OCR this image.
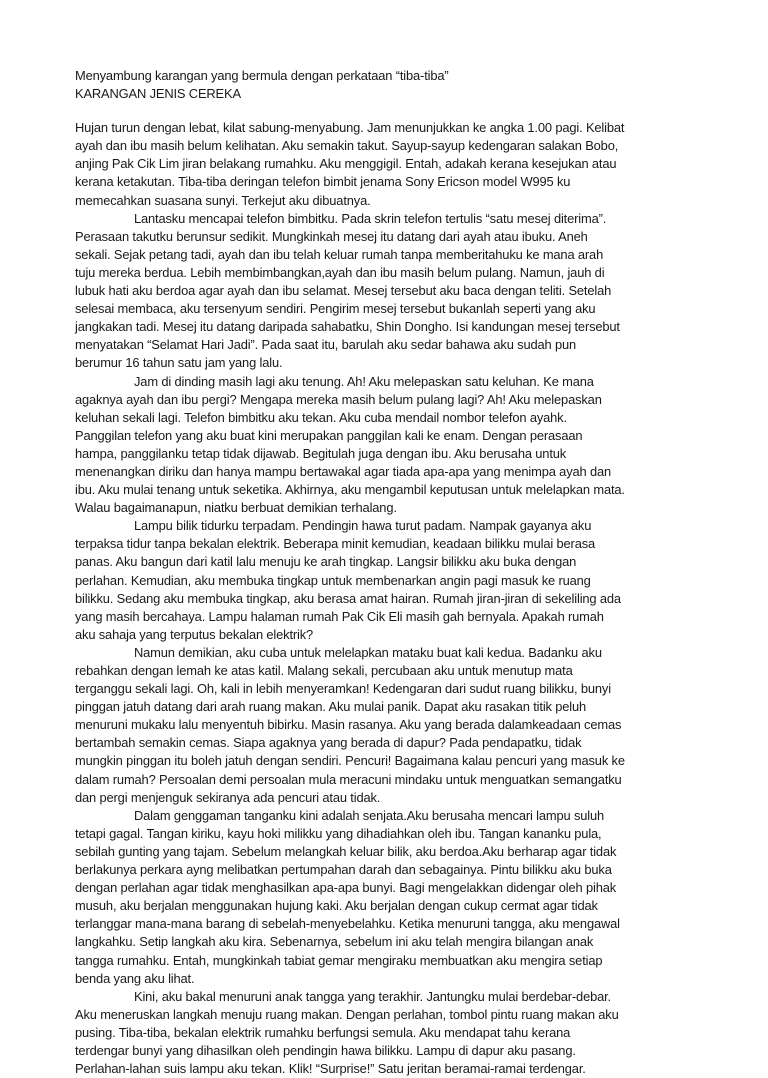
Menyambung karangan yang bermula dengan perkataan “tiba-tiba”
KARANGAN JENIS CEREKA
Hujan turun dengan lebat, kilat sabung-menyabung. Jam menunjukkan ke angka 1.00 pagi. Kelibat
ayah dan ibu masih belum kelihatan. Aku semakin takut. Sayup-sayup kedengaran salakan Bobo,
anjing Pak Cik Lim jiran belakang rumahku. Aku menggigil. Entah, adakah kerana kesejukan atau
kerana ketakutan. Tiba-tiba deringan telefon bimbit jenama Sony Ericson model W995 ku
memecahkan suasana sunyi. Terkejut aku dibuatnya.
Lantasku mencapai telefon bimbitku. Pada skrin telefon tertulis “satu mesej diterima”.
Perasaan takutku berunsur sedikit. Mungkinkah mesej itu datang dari ayah atau ibuku. Aneh
sekali. Sejak petang tadi, ayah dan ibu telah keluar rumah tanpa memberitahuku ke mana arah
tuju mereka berdua. Lebih membimbangkan,ayah dan ibu masih belum pulang. Namun, jauh di
lubuk hati aku berdoa agar ayah dan ibu selamat. Mesej tersebut aku baca dengan teliti. Setelah
selesai membaca, aku tersenyum sendiri. Pengirim mesej tersebut bukanlah seperti yang aku
jangkakan tadi. Mesej itu datang daripada sahabatku, Shin Dongho. Isi kandungan mesej tersebut
menyatakan “Selamat Hari Jadi”. Pada saat itu, barulah aku sedar bahawa aku sudah pun
berumur 16 tahun satu jam yang lalu.
Jam di dinding masih lagi aku tenung. Ah! Aku melepaskan satu keluhan. Ke mana
agaknya ayah dan ibu pergi? Mengapa mereka masih belum pulang lagi? Ah! Aku melepaskan
keluhan sekali lagi. Telefon bimbitku aku tekan. Aku cuba mendail nombor telefon ayahk.
Panggilan telefon yang aku buat kini merupakan panggilan kali ke enam. Dengan perasaan
hampa, panggilanku tetap tidak dijawab. Begitulah juga dengan ibu. Aku berusaha untuk
menenangkan diriku dan hanya mampu bertawakal agar tiada apa-apa yang menimpa ayah dan
ibu. Aku mulai tenang untuk seketika. Akhirnya, aku mengambil keputusan untuk melelapkan mata.
Walau bagaimanapun, niatku berbuat demikian terhalang.
Lampu bilik tidurku terpadam. Pendingin hawa turut padam. Nampak gayanya aku
terpaksa tidur tanpa bekalan elektrik. Beberapa minit kemudian, keadaan bilikku mulai berasa
panas. Aku bangun dari katil lalu menuju ke arah tingkap. Langsir bilikku aku buka dengan
perlahan. Kemudian, aku membuka tingkap untuk membenarkan angin pagi masuk ke ruang
bilikku. Sedang aku membuka tingkap, aku berasa amat hairan. Rumah jiran-jiran di sekeliling ada
yang masih bercahaya. Lampu halaman rumah Pak Cik Eli masih gah bernyala. Apakah rumah
aku sahaja yang terputus bekalan elektrik?
Namun demikian, aku cuba untuk melelapkan mataku buat kali kedua. Badanku aku
rebahkan dengan lemah ke atas katil. Malang sekali, percubaan aku untuk menutup mata
terganggu sekali lagi. Oh, kali in lebih menyeramkan! Kedengaran dari sudut ruang bilikku, bunyi
pinggan jatuh datang dari arah ruang makan. Aku mulai panik. Dapat aku rasakan titik peluh
menuruni mukaku lalu menyentuh bibirku. Masin rasanya. Aku yang berada dalamkeadaan cemas
bertambah semakin cemas. Siapa agaknya yang berada di dapur? Pada pendapatku, tidak
mungkin pinggan itu boleh jatuh dengan sendiri. Pencuri! Bagaimana kalau pencuri yang masuk ke
dalam rumah? Persoalan demi persoalan mula meracuni mindaku untuk menguatkan semangatku
dan pergi menjenguk sekiranya ada pencuri atau tidak.
Dalam genggaman tanganku kini adalah senjata.Aku berusaha mencari lampu suluh
tetapi gagal. Tangan kiriku, kayu hoki milikku yang dihadiahkan oleh ibu. Tangan kananku pula,
sebilah gunting yang tajam. Sebelum melangkah keluar bilik, aku berdoa.Aku berharap agar tidak
berlakunya perkara ayng melibatkan pertumpahan darah dan sebagainya. Pintu bilikku aku buka
dengan perlahan agar tidak menghasilkan apa-apa bunyi. Bagi mengelakkan didengar oleh pihak
musuh, aku berjalan menggunakan hujung kaki. Aku berjalan dengan cukup cermat agar tidak
terlanggar mana-mana barang di sebelah-menyebelahku. Ketika menuruni tangga, aku mengawal
langkahku. Setip langkah aku kira. Sebenarnya, sebelum ini aku telah mengira bilangan anak
tangga rumahku. Entah, mungkinkah tabiat gemar mengiraku membuatkan aku mengira setiap
benda yang aku lihat.
Kini, aku bakal menuruni anak tangga yang terakhir. Jantungku mulai berdebar-debar.
Aku meneruskan langkah menuju ruang makan. Dengan perlahan, tombol pintu ruang makan aku
pusing. Tiba-tiba, bekalan elektrik rumahku berfungsi semula. Aku mendapat tahu kerana
terdengar bunyi yang dihasilkan oleh pendingin hawa bilikku. Lampu di dapur aku pasang.
Perlahan-lahan suis lampu aku tekan. Klik! “Surprise!” Satu jeritan beramai-ramai terdengar.
